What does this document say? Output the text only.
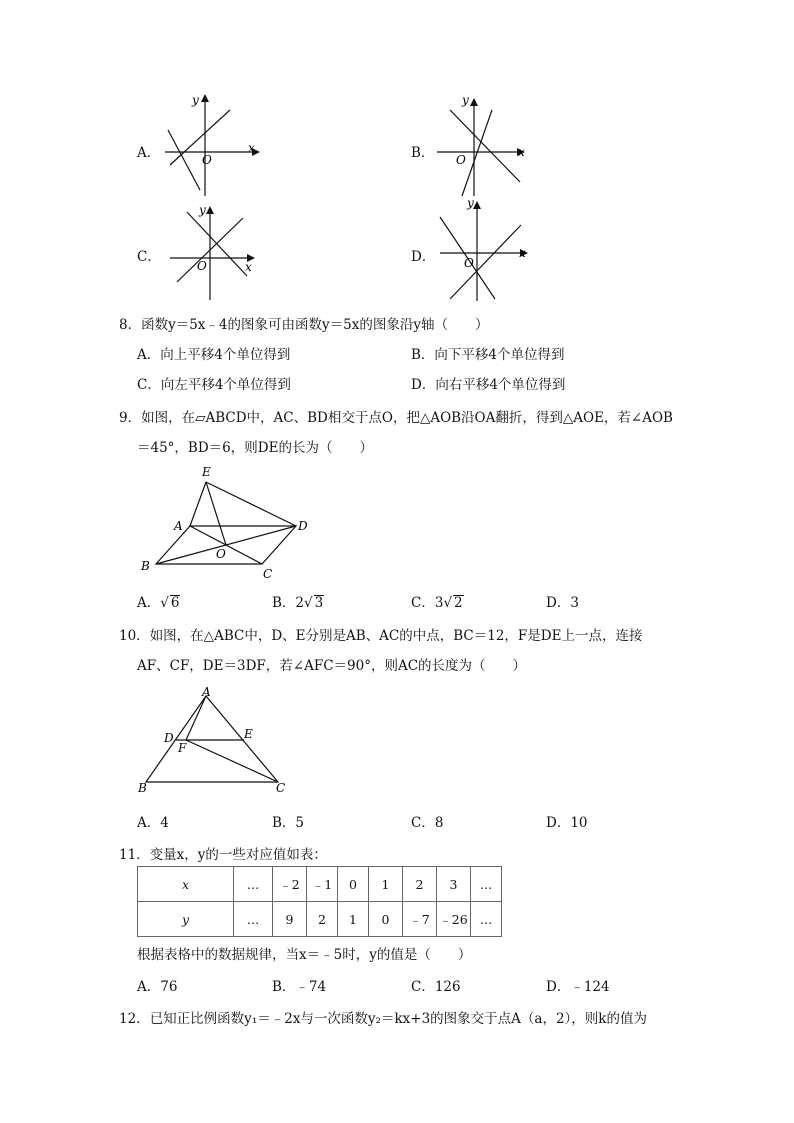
A．
y
x
O	B．
y
x
O
C．
y
x
O
D．
y
x
O
8．函数y＝5x﹣4的图象可由函数y＝5x的图象沿y轴（　　）
A．向上平移4个单位得到	B．向下平移4个单位得到
C．向左平移4个单位得到	D．向右平移4个单位得到
9．如图，在▱ABCD中，AC、BD相交于点O，把△AOB沿OA翻折，得到△AOE，若∠AOB
＝45°，BD＝6，则DE的长为（　　）
E
A	D
O
B
C
A．√ 6	B．2√ 3	C．3√ 2	D．3
10．如图，在△ABC中，D、E分别是AB、AC的中点，BC＝12，F是DE上一点，连接
AF、CF，DE＝3DF，若∠AFC＝90°，则AC的长度为（　　）
A
D	E
F
B	C
A．4	B．5	C．8	D．10
11．变量x，y的一些对应值如表：
x	…	﹣2	﹣1	0	1	2	3	…
y	…	9	2	1	0	﹣7	﹣26	…
根据表格中的数据规律，当x＝﹣5时，y的值是（　　）
A．76	B．﹣74	C．126	D．﹣124
12．已知正比例函数y₁＝﹣2x与一次函数y₂＝kx+3的图象交于点A（a，2），则k的值为
